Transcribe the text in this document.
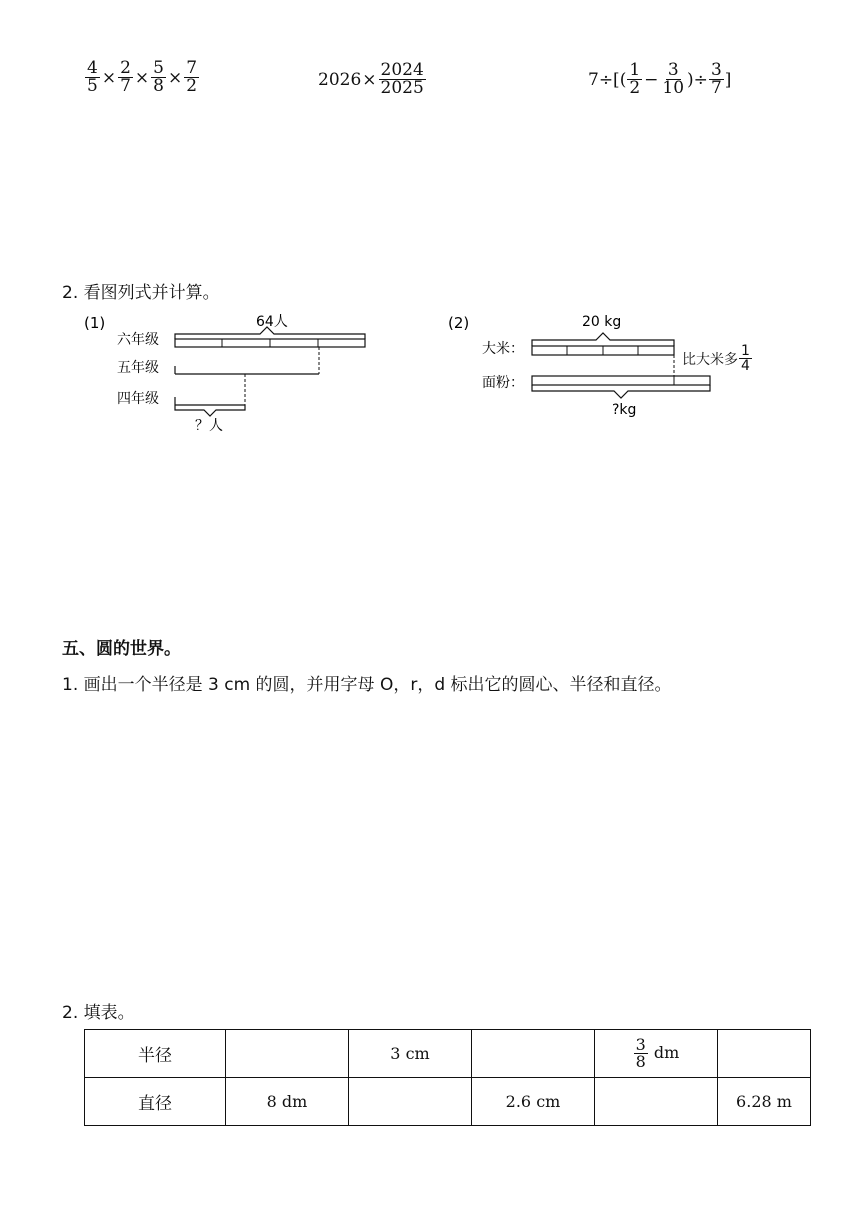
$\frac{4}{5} \times \frac{2}{7} \times \frac{5}{8} \times \frac{7}{2}$	$2026 \times \frac{2024}{2025}$	$7\div[( \frac{1}{2} - \frac{3}{10}$ )÷ $\frac{3}{7}$ ]
2. 看图列式并计算。
(1)
六年级
五年级
四年级
64人
？人
(2)
大米：
面粉：
20 kg
?kg
比大米多 $\frac{1}{4}$
五、圆的世界。
1. 画出一个半径是 3 cm 的圆，并用字母 O，r，d 标出它的圆心、半径和直径。
2. 填表。
半径		3 cm		$\frac{3}{8}$ dm	
直径	8 dm		2.6 cm		6.28 m
